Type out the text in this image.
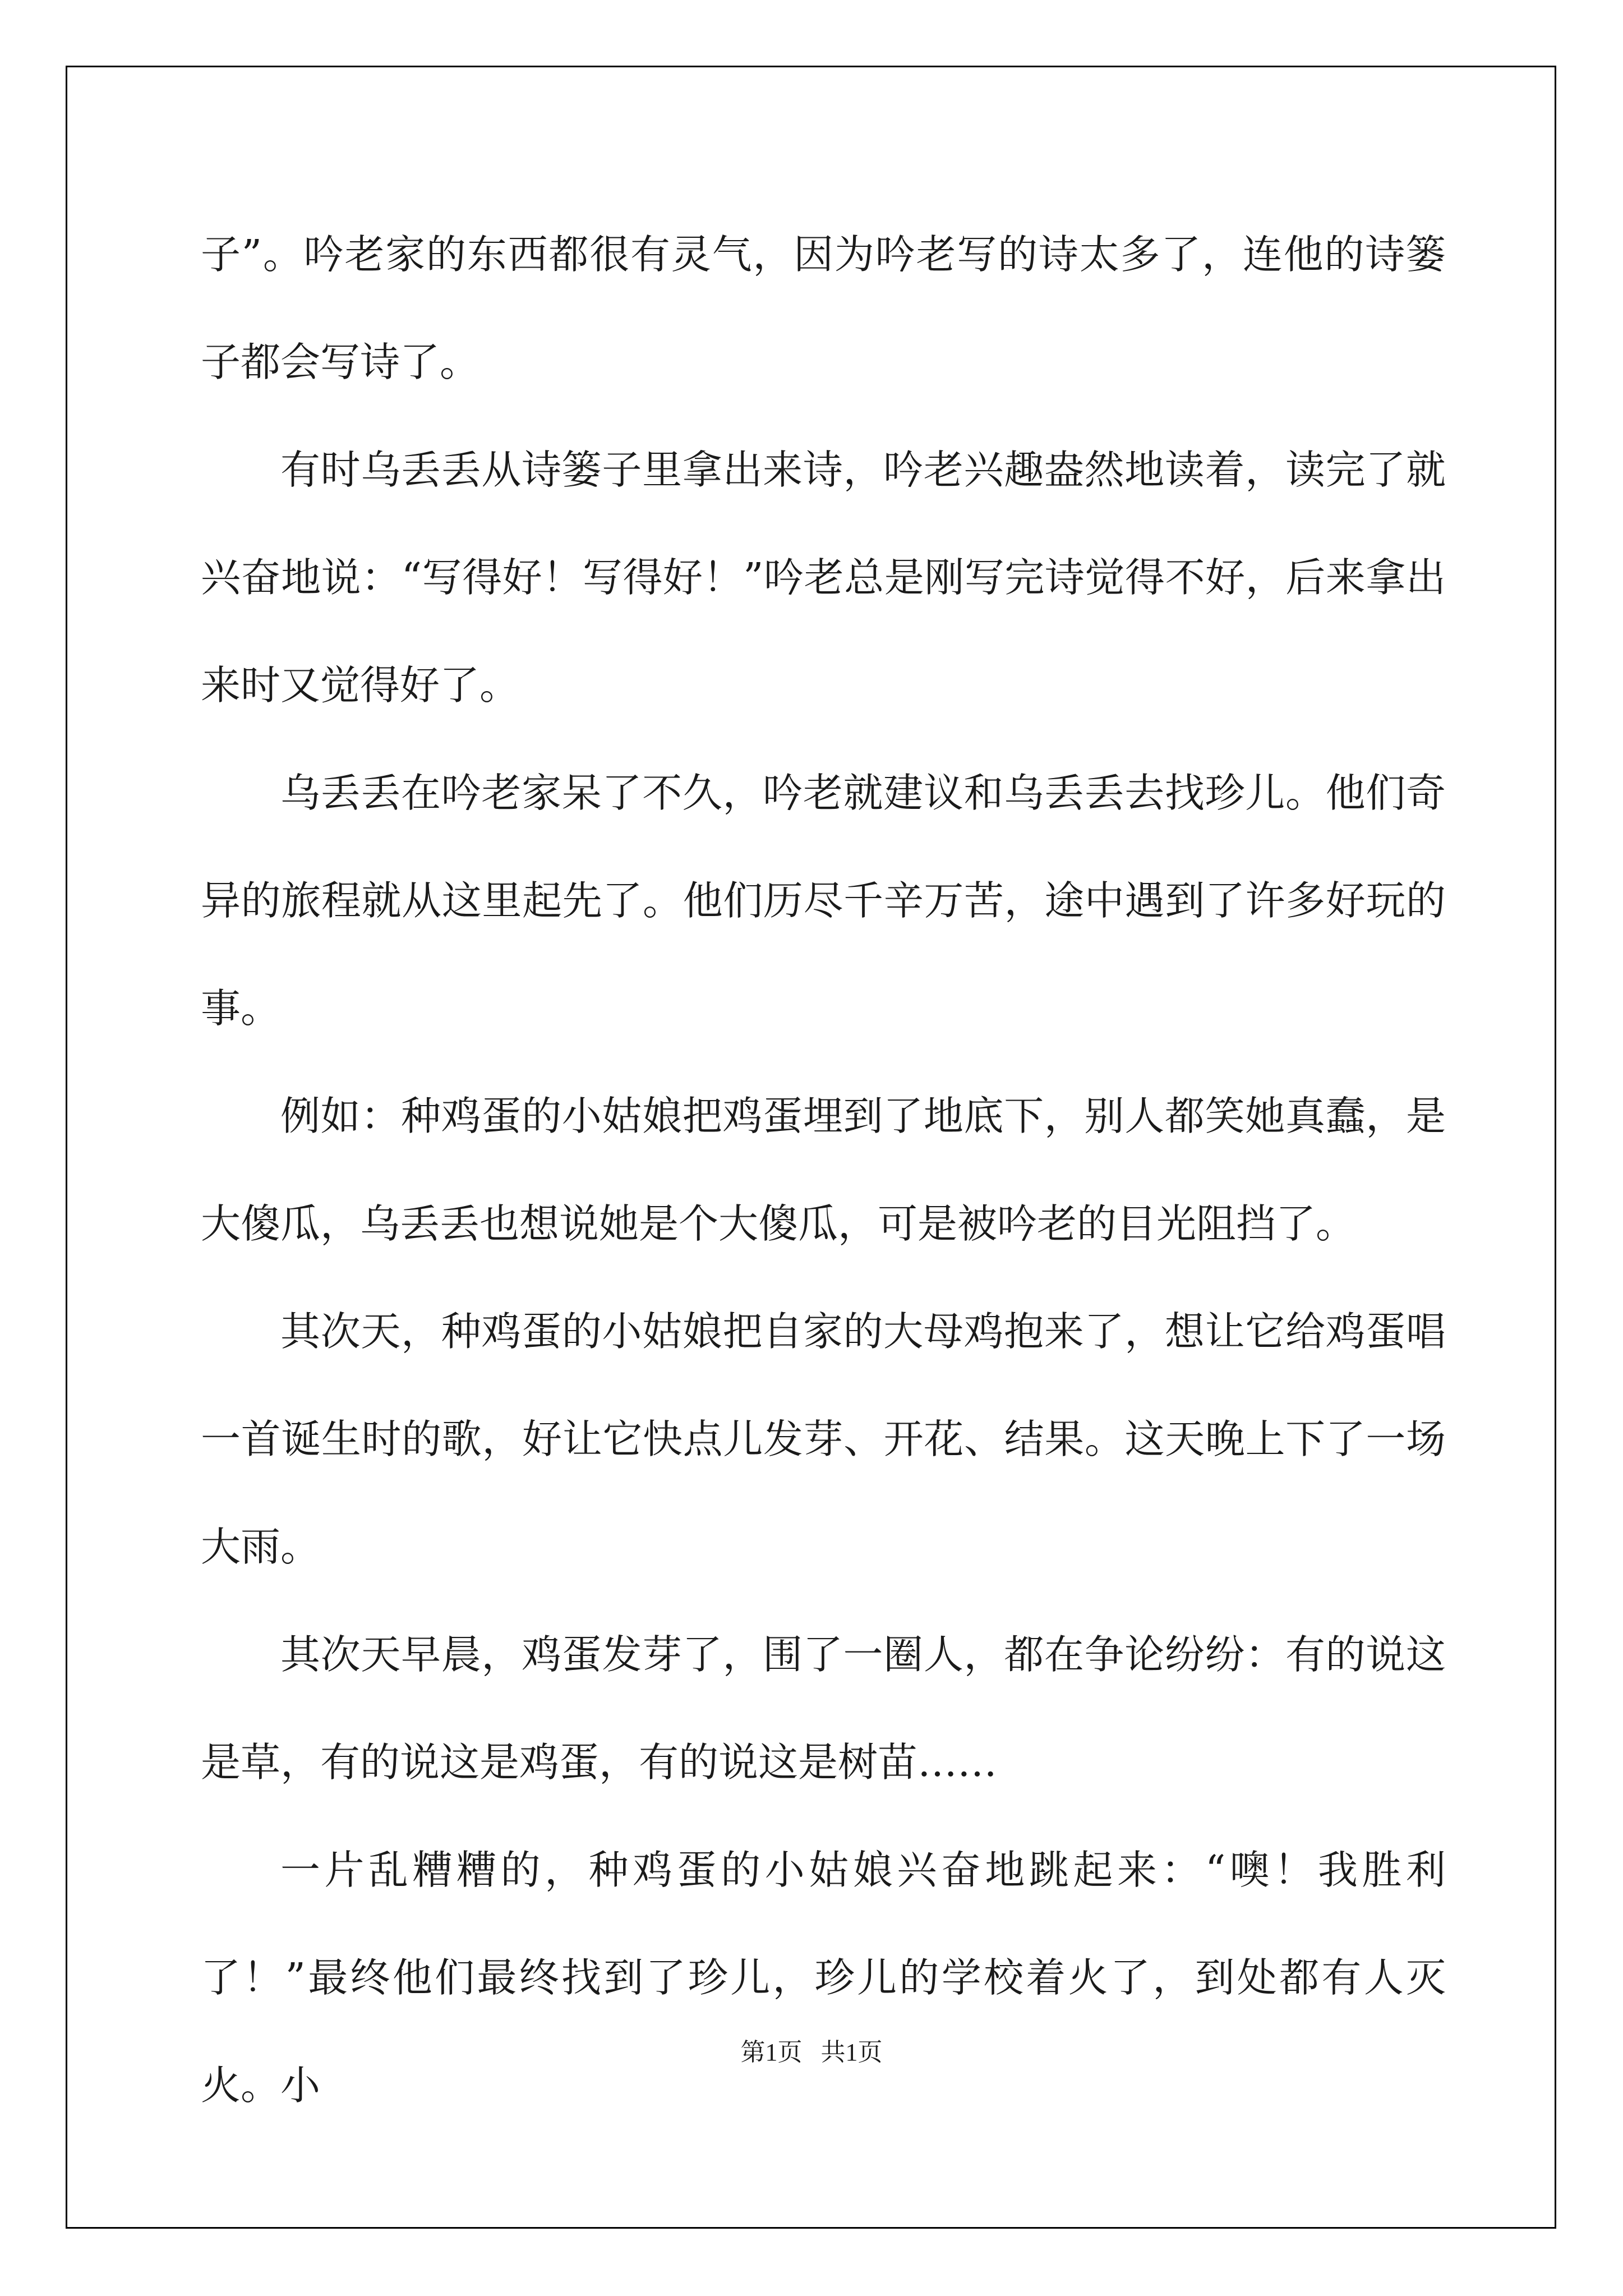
子”。吟老家的东西都很有灵气，因为吟老写的诗太多了，连他的诗篓子都会写诗了。

有时乌丢丢从诗篓子里拿出来诗，吟老兴趣盎然地读着，读完了就兴奋地说：“写得好！写得好！”吟老总是刚写完诗觉得不好，后来拿出来时又觉得好了。

乌丢丢在吟老家呆了不久，吟老就建议和乌丢丢去找珍儿。他们奇异的旅程就从这里起先了。他们历尽千辛万苦，途中遇到了许多好玩的事。

例如：种鸡蛋的小姑娘把鸡蛋埋到了地底下，别人都笑她真蠢，是大傻瓜，乌丢丢也想说她是个大傻瓜，可是被吟老的目光阻挡了。

其次天，种鸡蛋的小姑娘把自家的大母鸡抱来了，想让它给鸡蛋唱一首诞生时的歌，好让它快点儿发芽、开花、结果。这天晚上下了一场大雨。

其次天早晨，鸡蛋发芽了，围了一圈人，都在争论纷纷：有的说这是草，有的说这是鸡蛋，有的说这是树苗……

一片乱糟糟的，种鸡蛋的小姑娘兴奋地跳起来：“噢！我胜利了！”最终他们最终找到了珍儿，珍儿的学校着火了，到处都有人灭火。小

第1页   共1页
